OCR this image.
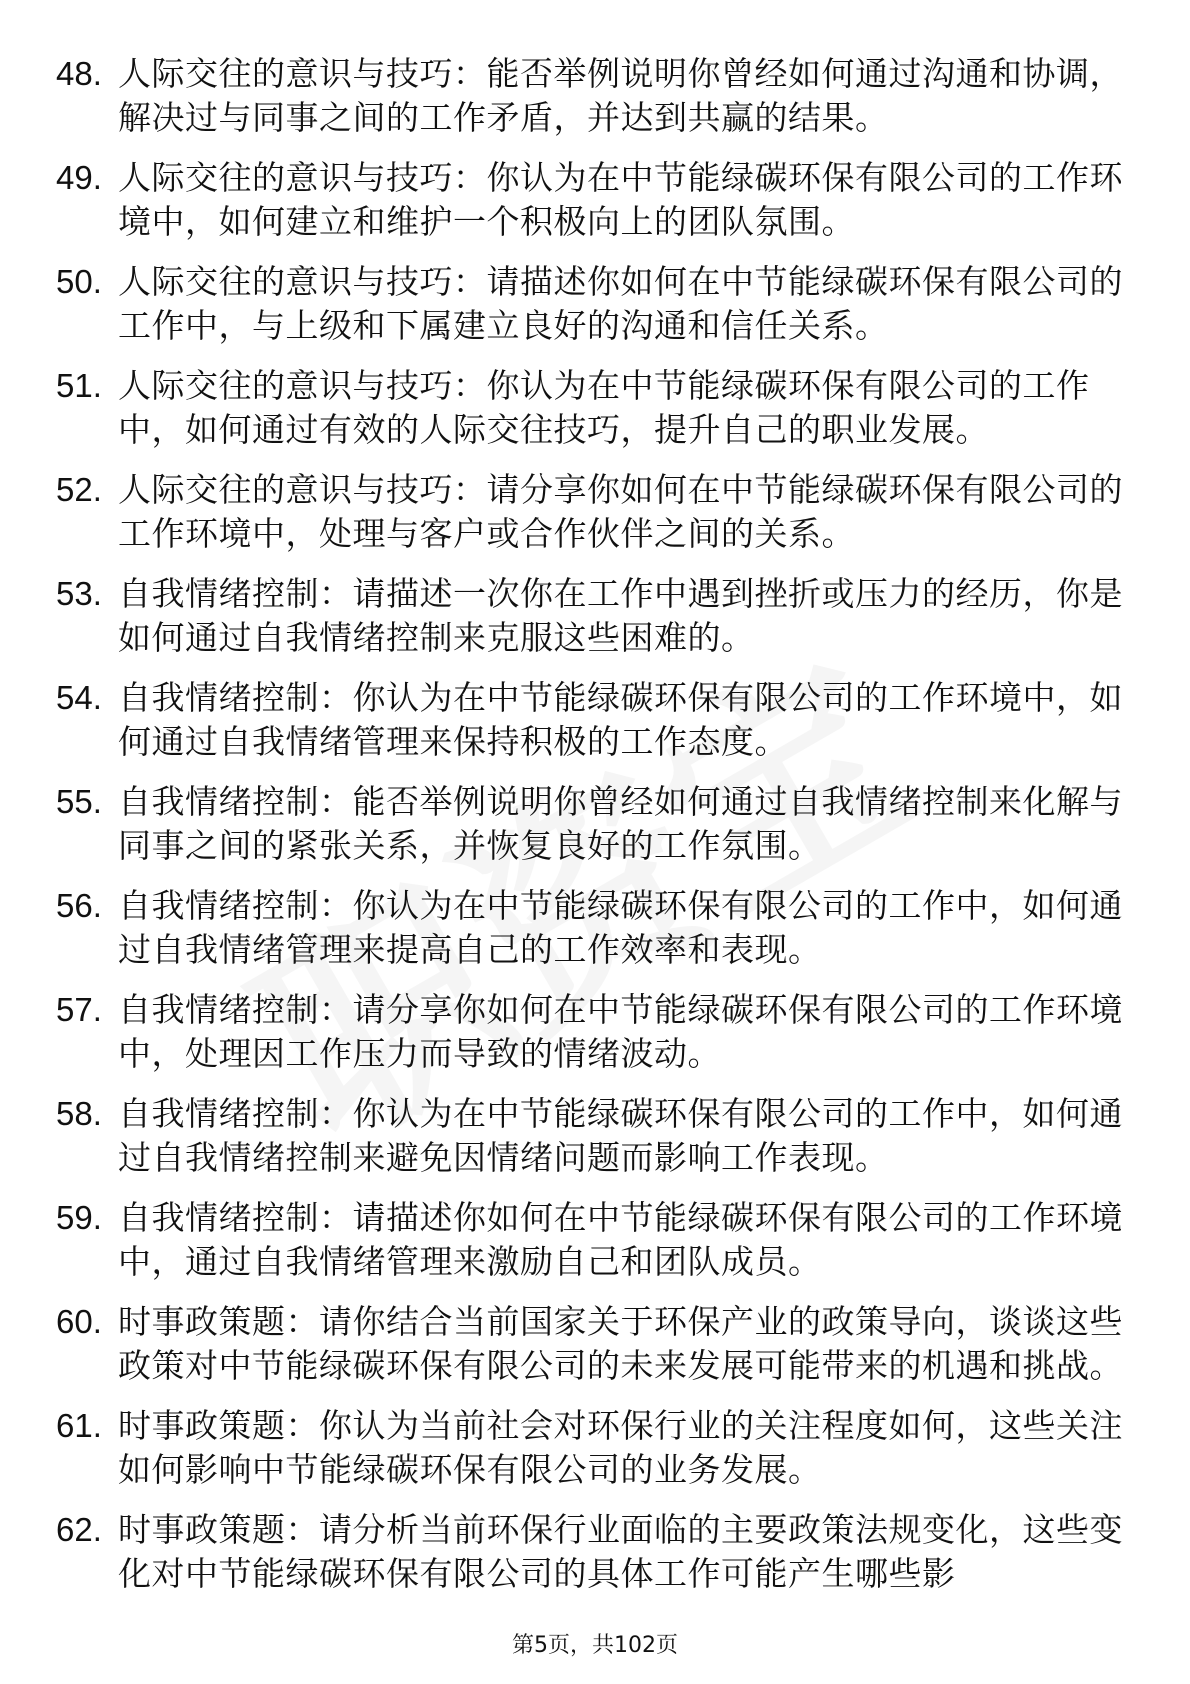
48. 人际交往的意识与技巧：能否举例说明你曾经如何通过沟通和协调，解决过与同事之间的工作矛盾，并达到共赢的结果。
49. 人际交往的意识与技巧：你认为在中节能绿碳环保有限公司的工作环境中，如何建立和维护一个积极向上的团队氛围。
50. 人际交往的意识与技巧：请描述你如何在中节能绿碳环保有限公司的工作中，与上级和下属建立良好的沟通和信任关系。
51. 人际交往的意识与技巧：你认为在中节能绿碳环保有限公司的工作中，如何通过有效的人际交往技巧，提升自己的职业发展。
52. 人际交往的意识与技巧：请分享你如何在中节能绿碳环保有限公司的工作环境中，处理与客户或合作伙伴之间的关系。
53. 自我情绪控制：请描述一次你在工作中遇到挫折或压力的经历，你是如何通过自我情绪控制来克服这些困难的。
54. 自我情绪控制：你认为在中节能绿碳环保有限公司的工作环境中，如何通过自我情绪管理来保持积极的工作态度。
55. 自我情绪控制：能否举例说明你曾经如何通过自我情绪控制来化解与同事之间的紧张关系，并恢复良好的工作氛围。
56. 自我情绪控制：你认为在中节能绿碳环保有限公司的工作中，如何通过自我情绪管理来提高自己的工作效率和表现。
57. 自我情绪控制：请分享你如何在中节能绿碳环保有限公司的工作环境中，处理因工作压力而导致的情绪波动。
58. 自我情绪控制：你认为在中节能绿碳环保有限公司的工作中，如何通过自我情绪控制来避免因情绪问题而影响工作表现。
59. 自我情绪控制：请描述你如何在中节能绿碳环保有限公司的工作环境中，通过自我情绪管理来激励自己和团队成员。
60. 时事政策题：请你结合当前国家关于环保产业的政策导向，谈谈这些政策对中节能绿碳环保有限公司的未来发展可能带来的机遇和挑战。
61. 时事政策题：你认为当前社会对环保行业的关注程度如何，这些关注如何影响中节能绿碳环保有限公司的业务发展。
62. 时事政策题：请分析当前环保行业面临的主要政策法规变化，这些变化对中节能绿碳环保有限公司的具体工作可能产生哪些影
第5页，共102页
